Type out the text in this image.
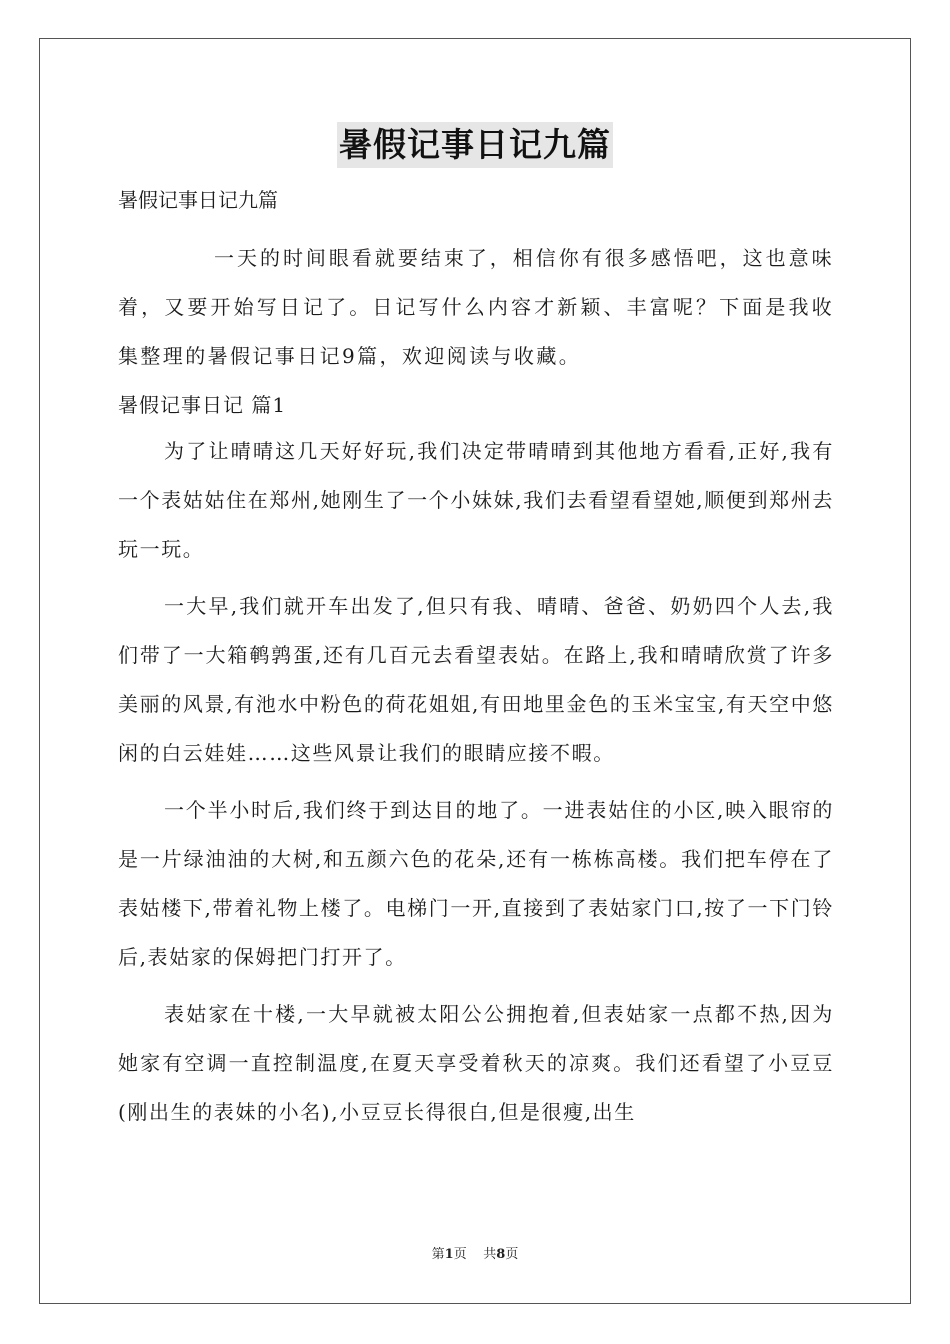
暑假记事日记九篇

暑假记事日记九篇

一天的时间眼看就要结束了，相信你有很多感悟吧，这也意味着，又要开始写日记了。日记写什么内容才新颖、丰富呢？下面是我收集整理的暑假记事日记9篇，欢迎阅读与收藏。

暑假记事日记 篇1

为了让晴晴这几天好好玩,我们决定带晴晴到其他地方看看,正好,我有一个表姑姑住在郑州,她刚生了一个小妹妹,我们去看望看望她,顺便到郑州去玩一玩。

一大早,我们就开车出发了,但只有我、晴晴、爸爸、奶奶四个人去,我们带了一大箱鹌鹑蛋,还有几百元去看望表姑。在路上,我和晴晴欣赏了许多美丽的风景,有池水中粉色的荷花姐姐,有田地里金色的玉米宝宝,有天空中悠闲的白云娃娃……这些风景让我们的眼睛应接不暇。

一个半小时后,我们终于到达目的地了。一进表姑住的小区,映入眼帘的是一片绿油油的大树,和五颜六色的花朵,还有一栋栋高楼。我们把车停在了表姑楼下,带着礼物上楼了。电梯门一开,直接到了表姑家门口,按了一下门铃后,表姑家的保姆把门打开了。

表姑家在十楼,一大早就被太阳公公拥抱着,但表姑家一点都不热,因为她家有空调一直控制温度,在夏天享受着秋天的凉爽。我们还看望了小豆豆(刚出生的表妹的小名),小豆豆长得很白,但是很瘦,出生

第1页 共8页
